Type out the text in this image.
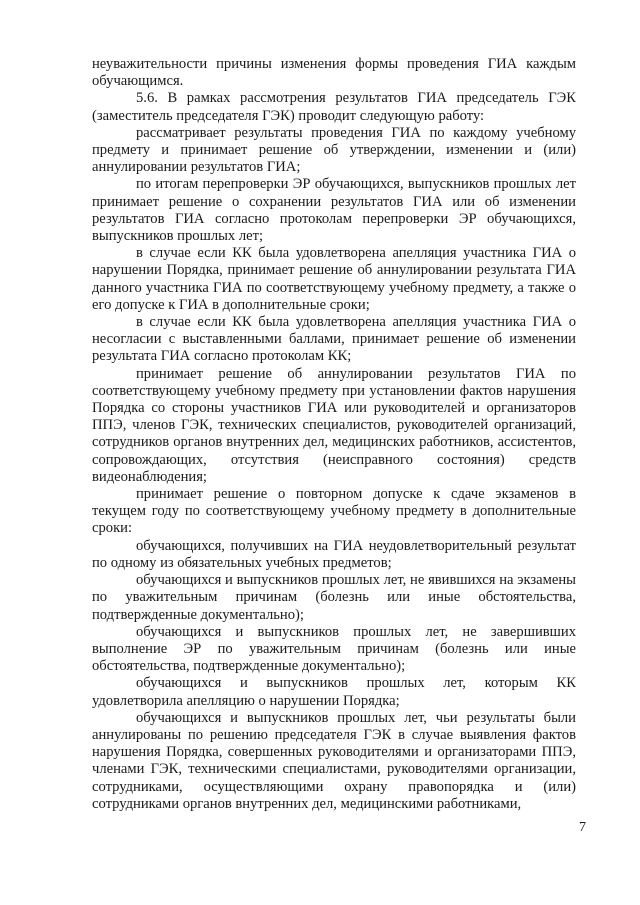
неуважительности причины изменения формы проведения ГИА каждым обучающимся.

5.6. В рамках рассмотрения результатов ГИА председатель ГЭК (заместитель председателя ГЭК) проводит следующую работу:

рассматривает результаты проведения ГИА по каждому учебному предмету и принимает решение об утверждении, изменении и (или) аннулировании результатов ГИА;

по итогам перепроверки ЭР обучающихся, выпускников прошлых лет принимает решение о сохранении результатов ГИА или об изменении результатов ГИА согласно протоколам перепроверки ЭР обучающихся, выпускников прошлых лет;

в случае если КК была удовлетворена апелляция участника ГИА о нарушении Порядка, принимает решение об аннулировании результата ГИА данного участника ГИА по соответствующему учебному предмету, а также о его допуске к ГИА в дополнительные сроки;

в случае если КК была удовлетворена апелляция участника ГИА о несогласии с выставленными баллами, принимает решение об изменении результата ГИА согласно протоколам КК;

принимает решение об аннулировании результатов ГИА по соответствующему учебному предмету при установлении фактов нарушения Порядка со стороны участников ГИА или руководителей и организаторов ППЭ, членов ГЭК, технических специалистов, руководителей организаций, сотрудников органов внутренних дел, медицинских работников, ассистентов, сопровождающих, отсутствия (неисправного состояния) средств видеонаблюдения;

принимает решение о повторном допуске к сдаче экзаменов в текущем году по соответствующему учебному предмету в дополнительные сроки:

обучающихся, получивших на ГИА неудовлетворительный результат по одному из обязательных учебных предметов;

обучающихся и выпускников прошлых лет, не явившихся на экзамены по уважительным причинам (болезнь или иные обстоятельства, подтвержденные документально);

обучающихся и выпускников прошлых лет, не завершивших выполнение ЭР по уважительным причинам (болезнь или иные обстоятельства, подтвержденные документально);

обучающихся и выпускников прошлых лет, которым КК удовлетворила апелляцию о нарушении Порядка;

обучающихся и выпускников прошлых лет, чьи результаты были аннулированы по решению председателя ГЭК в случае выявления фактов нарушения Порядка, совершенных руководителями и организаторами ППЭ, членами ГЭК, техническими специалистами, руководителями организации, сотрудниками, осуществляющими охрану правопорядка и (или) сотрудниками органов внутренних дел, медицинскими работниками,

7
